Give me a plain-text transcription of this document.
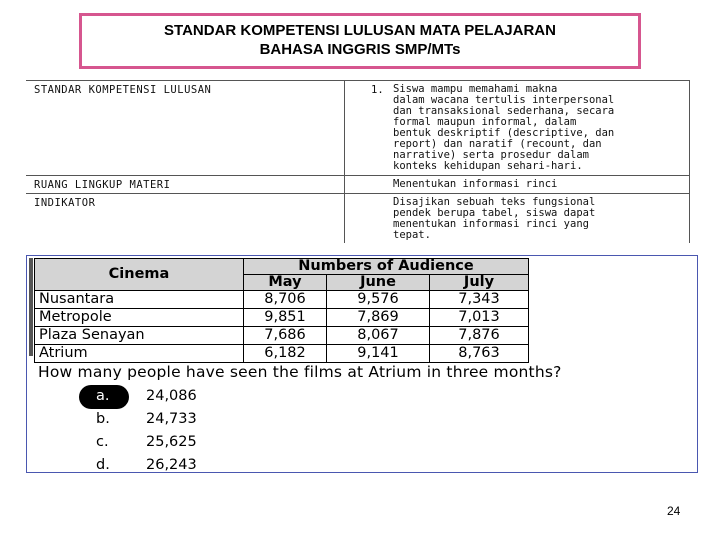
STANDAR KOMPETENSI LULUSAN MATA PELAJARAN
BAHASA INGGRIS SMP/MTs
STANDAR KOMPETENSI LULUSAN	1. Siswa mampu memahami makna
dalam wacana tertulis interpersonal
dan transaksional sederhana, secara
formal maupun informal, dalam
bentuk deskriptif (descriptive, dan
report) dan naratif (recount, dan
narrative) serta prosedur dalam
konteks kehidupan sehari-hari.
RUANG LINGKUP MATERI	Menentukan informasi rinci
INDIKATOR	Disajikan sebuah teks fungsional
pendek berupa tabel, siswa dapat
menentukan informasi rinci yang
tepat.
Cinema	Numbers of Audience		
	May	June	July
Nusantara	8,706	9,576	7,343
Metropole	9,851	7,869	7,013
Plaza Senayan	7,686	8,067	7,876
Atrium	6,182	9,141	8,763
How many people have seen the films at Atrium in three months?
a.	24,086
b. 24,733
c.	25,625
d. 26,243
24
